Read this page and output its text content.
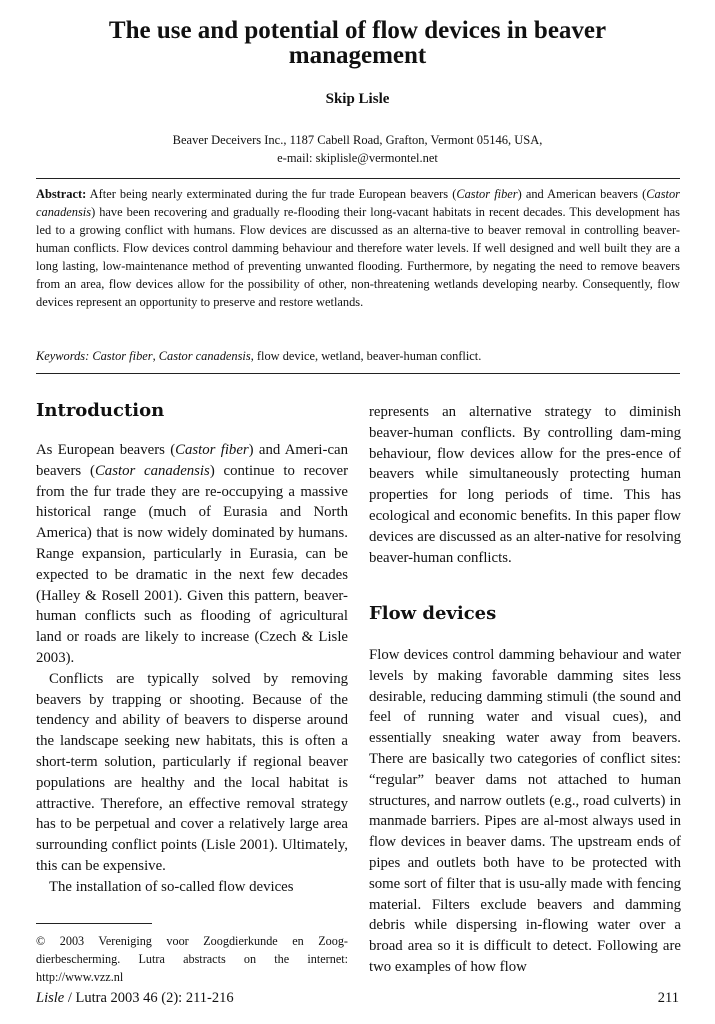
The use and potential of flow devices in beaver
management
Skip Lisle
Beaver Deceivers Inc., 1187 Cabell Road, Grafton, Vermont 05146, USA,
e-mail: skiplisle@vermontel.net
Abstract: After being nearly exterminated during the fur trade European beavers (Castor fiber) and American beavers (Castor canadensis) have been recovering and gradually re-flooding their long-vacant habitats in recent decades. This development has led to a growing conflict with humans. Flow devices are discussed as an alterna-tive to beaver removal in controlling beaver-human conflicts. Flow devices control damming behaviour and therefore water levels. If well designed and well built they are a long lasting, low-maintenance method of preventing unwanted flooding. Furthermore, by negating the need to remove beavers from an area, flow devices allow for the possibility of other, non-threatening wetlands developing nearby. Consequently, flow devices represent an opportunity to preserve and restore wetlands.
Keywords: Castor fiber, Castor canadensis, flow device, wetland, beaver-human conflict.
Introduction

As European beavers (Castor fiber) and Ameri-can beavers (Castor canadensis) continue to recover from the fur trade they are re-occupying a massive historical range (much of Eurasia and North America) that is now widely dominated by humans. Range expansion, particularly in Eurasia, can be expected to be dramatic in the next few decades (Halley & Rosell 2001). Given this pattern, beaver-human conflicts such as flooding of agricultural land or roads are likely to increase (Czech & Lisle 2003).

Conflicts are typically solved by removing beavers by trapping or shooting. Because of the tendency and ability of beavers to disperse around the landscape seeking new habitats, this is often a short-term solution, particularly if regional beaver populations are healthy and the local habitat is attractive. Therefore, an effective removal strategy has to be perpetual and cover a relatively large area surrounding conflict points (Lisle 2001). Ultimately, this can be expensive.

The installation of so-called flow devices

© 2003 Vereniging voor Zoogdierkunde en Zoog-dierbescherming. Lutra abstracts on the internet: http://www.vzz.nl

represents an alternative strategy to diminish beaver-human conflicts. By controlling dam-ming behaviour, flow devices allow for the pres-ence of beavers while simultaneously protecting human properties for long periods of time. This has ecological and economic benefits. In this paper flow devices are discussed as an alter-native for resolving beaver-human conflicts.

Flow devices

Flow devices control damming behaviour and water levels by making favorable damming sites less desirable, reducing damming stimuli (the sound and feel of running water and visual cues), and essentially sneaking water away from beavers. There are basically two categories of conflict sites: “regular” beaver dams not attached to human structures, and narrow outlets (e.g., road culverts) in manmade barriers. Pipes are al-most always used in flow devices in beaver dams. The upstream ends of pipes and outlets both have to be protected with some sort of filter that is usu-ally made with fencing material. Filters exclude beavers and damming debris while dispersing in-flowing water over a broad area so it is difficult to detect. Following are two examples of how flow

Lisle / Lutra 2003 46 (2): 211-216	211
